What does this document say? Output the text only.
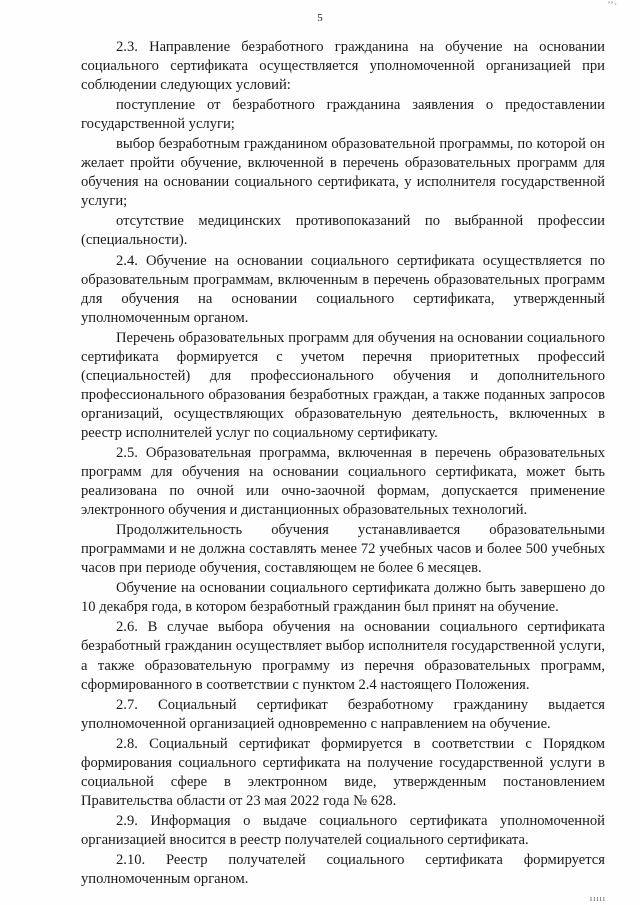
’’·
5

2.3. Направление безработного гражданина на обучение на основании социального сертификата осуществляется уполномоченной организацией при соблюдении следующих условий:

поступление от безработного гражданина заявления о предоставлении государственной услуги;

выбор безработным гражданином образовательной программы, по которой он желает пройти обучение, включенной в перечень образовательных программ для обучения на основании социального сертификата, у исполнителя государственной услуги;

отсутствие медицинских противопоказаний по выбранной профессии (специальности).

2.4. Обучение на основании социального сертификата осуществляется по образовательным программам, включенным в перечень образовательных программ для обучения на основании социального сертификата, утвержденный уполномоченным органом.

Перечень образовательных программ для обучения на основании социального сертификата формируется с учетом перечня приоритетных профессий (специальностей) для профессионального обучения и дополнительного профессионального образования безработных граждан, а также поданных запросов организаций, осуществляющих образовательную деятельность, включенных в реестр исполнителей услуг по социальному сертификату.

2.5. Образовательная программа, включенная в перечень образовательных программ для обучения на основании социального сертификата, может быть реализована по очной или очно-заочной формам, допускается применение электронного обучения и дистанционных образовательных технологий.

Продолжительность обучения устанавливается образовательными программами и не должна составлять менее 72 учебных часов и более 500 учебных часов при периоде обучения, составляющем не более 6 месяцев.

Обучение на основании социального сертификата должно быть завершено до 10 декабря года, в котором безработный гражданин был принят на обучение.

2.6. В случае выбора обучения на основании социального сертификата безработный гражданин осуществляет выбор исполнителя государственной услуги, а также образовательную программу из перечня образовательных программ, сформированного в соответствии с пунктом 2.4 настоящего Положения.

2.7. Социальный сертификат безработному гражданину выдается уполномоченной организацией одновременно с направлением на обучение.

2.8. Социальный сертификат формируется в соответствии с Порядком формирования социального сертификата на получение государственной услуги в социальной сфере в электронном виде, утвержденным постановлением Правительства области от 23 мая 2022 года № 628.

2.9. Информация о выдаче социального сертификата уполномоченной организацией вносится в реестр получателей социального сертификата.

2.10. Реестр получателей социального сертификата формируется уполномоченным органом.

ııııı
